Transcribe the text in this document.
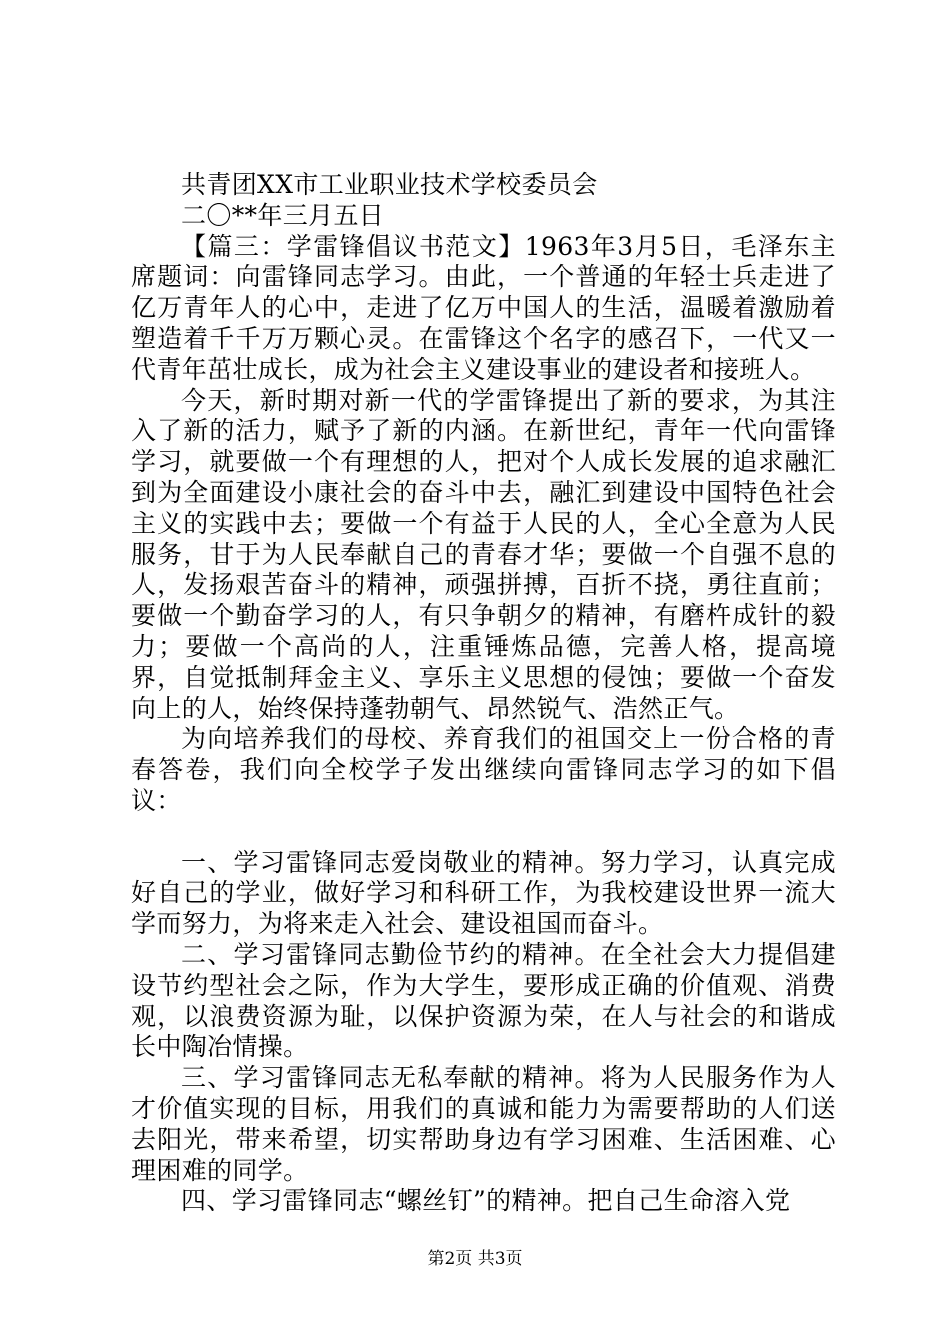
共青团XX市工业职业技术学校委员会

二〇**年三月五日

【篇三：学雷锋倡议书范文】1963年3月5日，毛泽东主席题词：向雷锋同志学习。由此，一个普通的年轻士兵走进了亿万青年人的心中，走进了亿万中国人的生活，温暖着激励着塑造着千千万万颗心灵。在雷锋这个名字的感召下，一代又一代青年茁壮成长，成为社会主义建设事业的建设者和接班人。

今天，新时期对新一代的学雷锋提出了新的要求，为其注入了新的活力，赋予了新的内涵。在新世纪，青年一代向雷锋学习，就要做一个有理想的人，把对个人成长发展的追求融汇到为全面建设小康社会的奋斗中去，融汇到建设中国特色社会主义的实践中去；要做一个有益于人民的人，全心全意为人民服务，甘于为人民奉献自己的青春才华；要做一个自强不息的人，发扬艰苦奋斗的精神，顽强拼搏，百折不挠，勇往直前；要做一个勤奋学习的人，有只争朝夕的精神，有磨杵成针的毅力；要做一个高尚的人，注重锤炼品德，完善人格，提高境界，自觉抵制拜金主义、享乐主义思想的侵蚀；要做一个奋发向上的人，始终保持蓬勃朝气、昂然锐气、浩然正气。

为向培养我们的母校、养育我们的祖国交上一份合格的青春答卷，我们向全校学子发出继续向雷锋同志学习的如下倡议：

一、学习雷锋同志爱岗敬业的精神。努力学习，认真完成好自己的学业，做好学习和科研工作，为我校建设世界一流大学而努力，为将来走入社会、建设祖国而奋斗。

二、学习雷锋同志勤俭节约的精神。在全社会大力提倡建设节约型社会之际，作为大学生，要形成正确的价值观、消费观，以浪费资源为耻，以保护资源为荣，在人与社会的和谐成长中陶冶情操。

三、学习雷锋同志无私奉献的精神。将为人民服务作为人才价值实现的目标，用我们的真诚和能力为需要帮助的人们送去阳光，带来希望，切实帮助身边有学习困难、生活困难、心理困难的同学。

四、学习雷锋同志“螺丝钉”的精神。把自己生命溶入党

第2页 共3页
